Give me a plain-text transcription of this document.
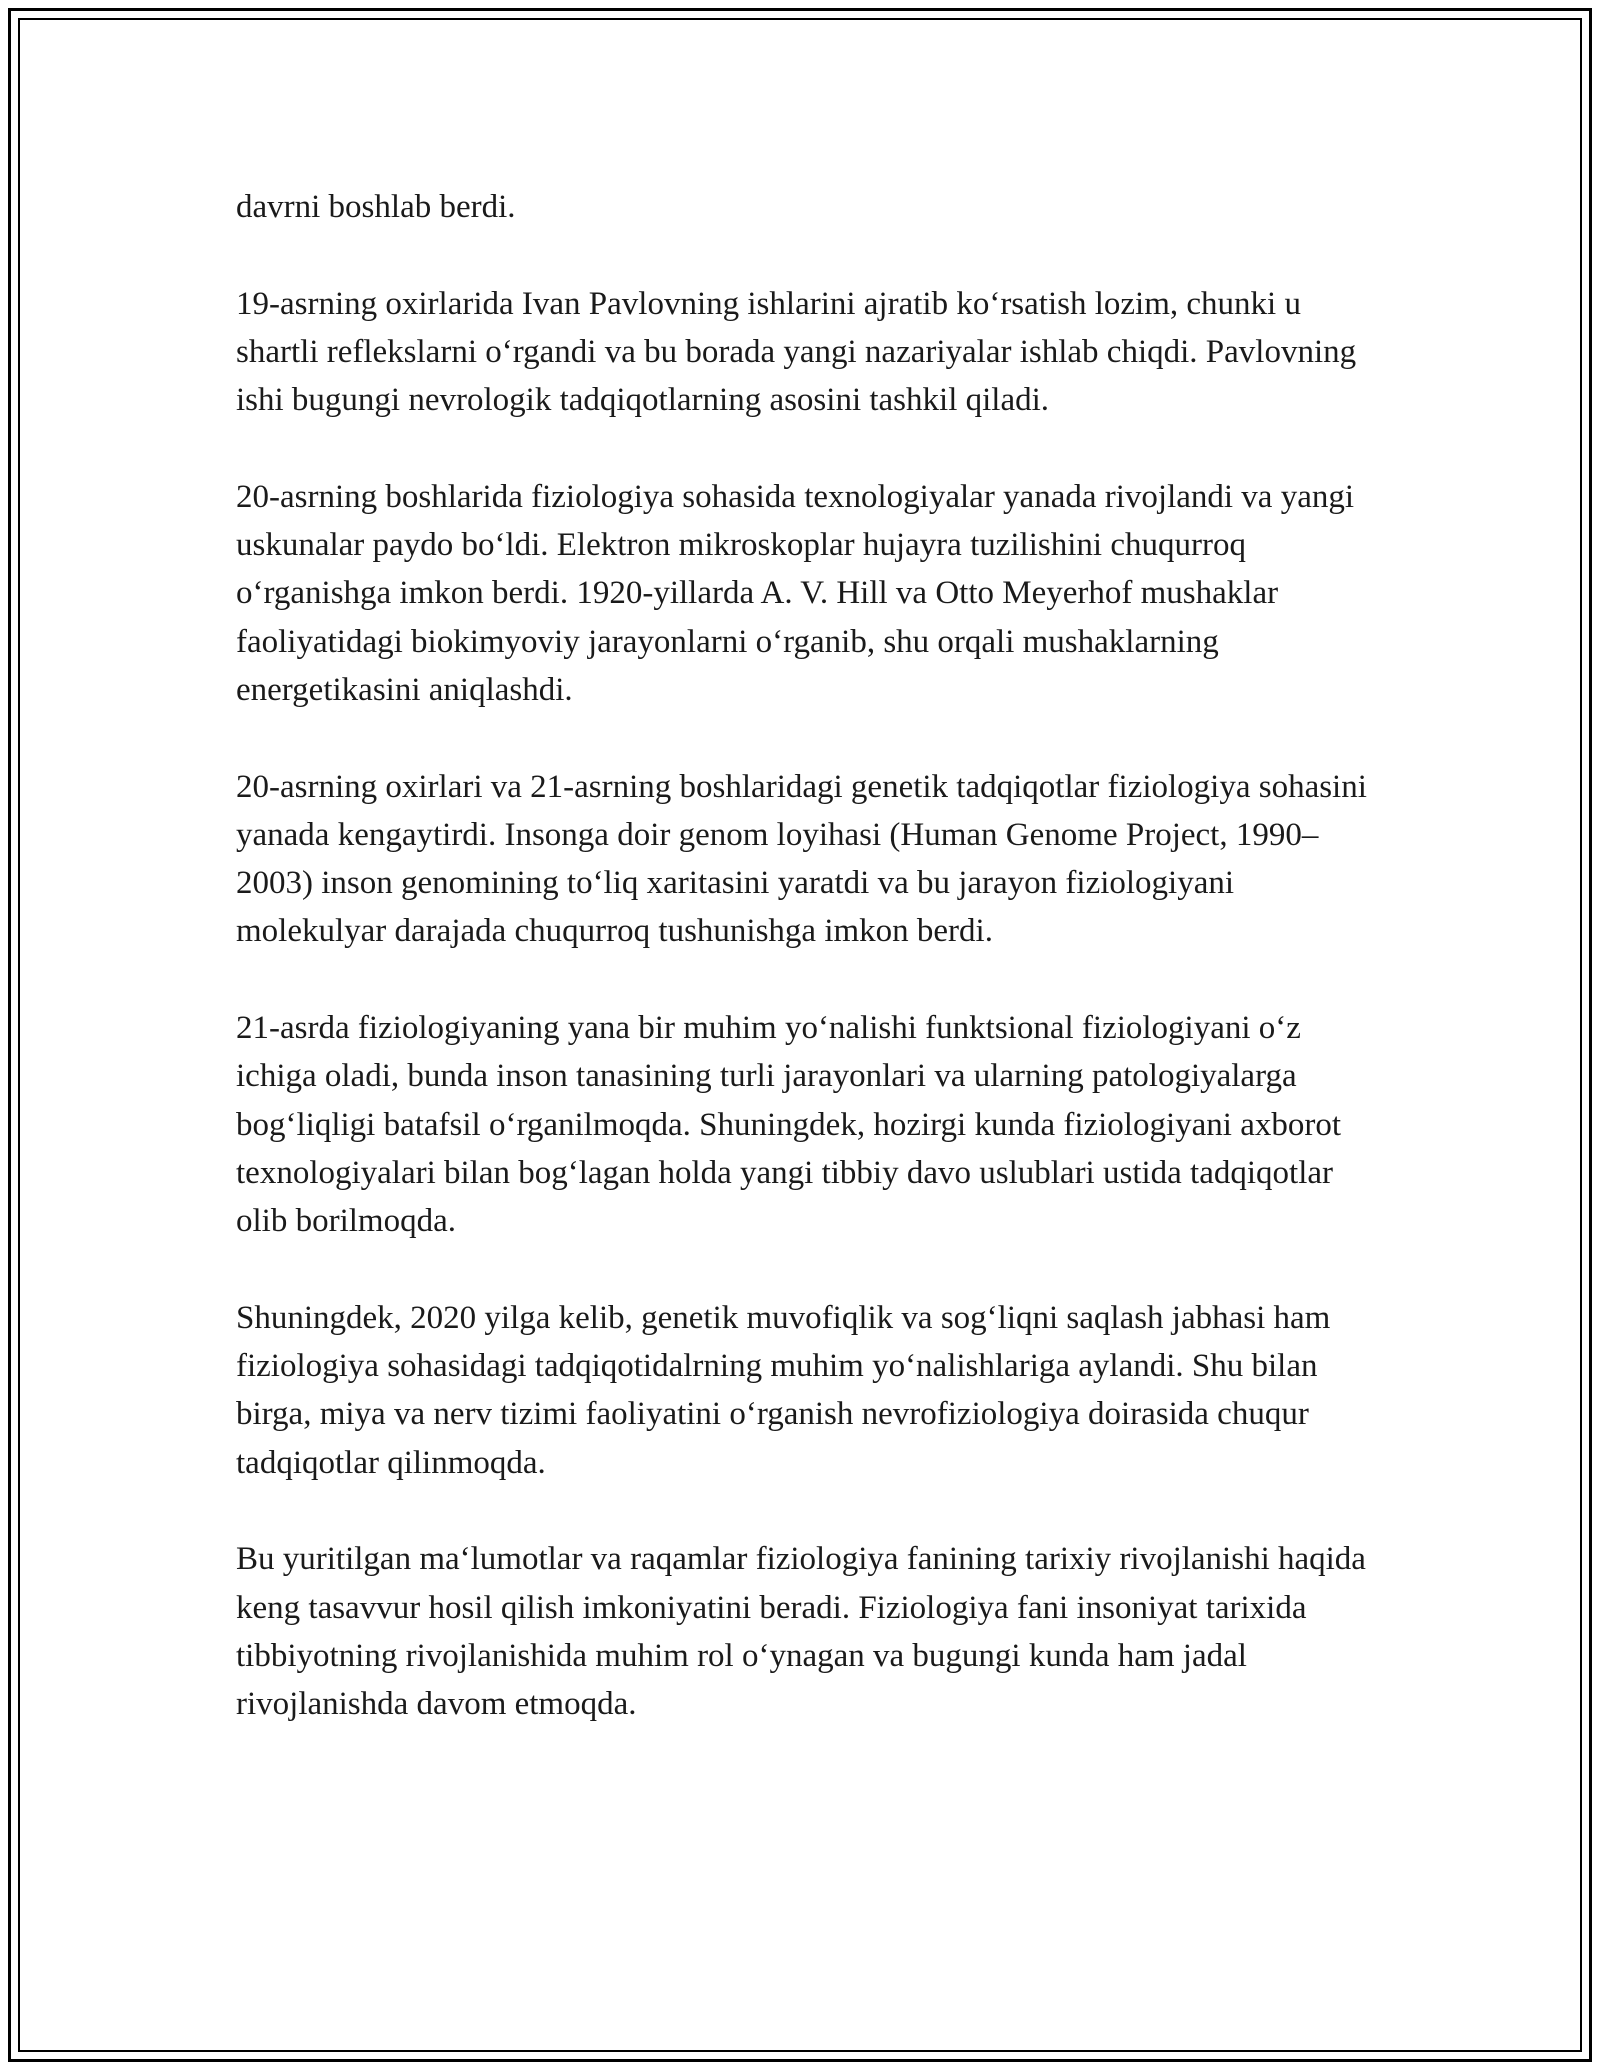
davrni boshlab berdi.

19-asrning oxirlarida Ivan Pavlovning ishlarini ajratib koʻrsatish lozim, chunki u shartli reflekslarni oʻrgandi va bu borada yangi nazariyalar ishlab chiqdi. Pavlovning ishi bugungi nevrologik tadqiqotlarning asosini tashkil qiladi.

20-asrning boshlarida fiziologiya sohasida texnologiyalar yanada rivojlandi va yangi uskunalar paydo boʻldi. Elektron mikroskoplar hujayra tuzilishini chuqurroq oʻrganishga imkon berdi. 1920-yillarda A. V. Hill va Otto Meyerhof mushaklar faoliyatidagi biokimyoviy jarayonlarni oʻrganib, shu orqali mushaklarning energetikasini aniqlashdi.

20-asrning oxirlari va 21-asrning boshlaridagi genetik tadqiqotlar fiziologiya sohasini yanada kengaytirdi. Insonga doir genom loyihasi (Human Genome Project, 1990–2003) inson genomining toʻliq xaritasini yaratdi va bu jarayon fiziologiyani molekulyar darajada chuqurroq tushunishga imkon berdi.

21-asrda fiziologiyaning yana bir muhim yoʻnalishi funktsional fiziologiyani oʻz ichiga oladi, bunda inson tanasining turli jarayonlari va ularning patologiyalarga bogʻliqligi batafsil oʻrganilmoqda. Shuningdek, hozirgi kunda fiziologiyani axborot texnologiyalari bilan bogʻlagan holda yangi tibbiy davo uslublari ustida tadqiqotlar olib borilmoqda.

Shuningdek, 2020 yilga kelib, genetik muvofiqlik va sogʻliqni saqlash jabhasi ham fiziologiya sohasidagi tadqiqotidalrning muhim yoʻnalishlariga aylandi. Shu bilan birga, miya va nerv tizimi faoliyatini oʻrganish nevrofiziologiya doirasida chuqur tadqiqotlar qilinmoqda.

Bu yuritilgan maʻlumotlar va raqamlar fiziologiya fanining tarixiy rivojlanishi haqida keng tasavvur hosil qilish imkoniyatini beradi. Fiziologiya fani insoniyat tarixida tibbiyotning rivojlanishida muhim rol oʻynagan va bugungi kunda ham jadal rivojlanishda davom etmoqda.
